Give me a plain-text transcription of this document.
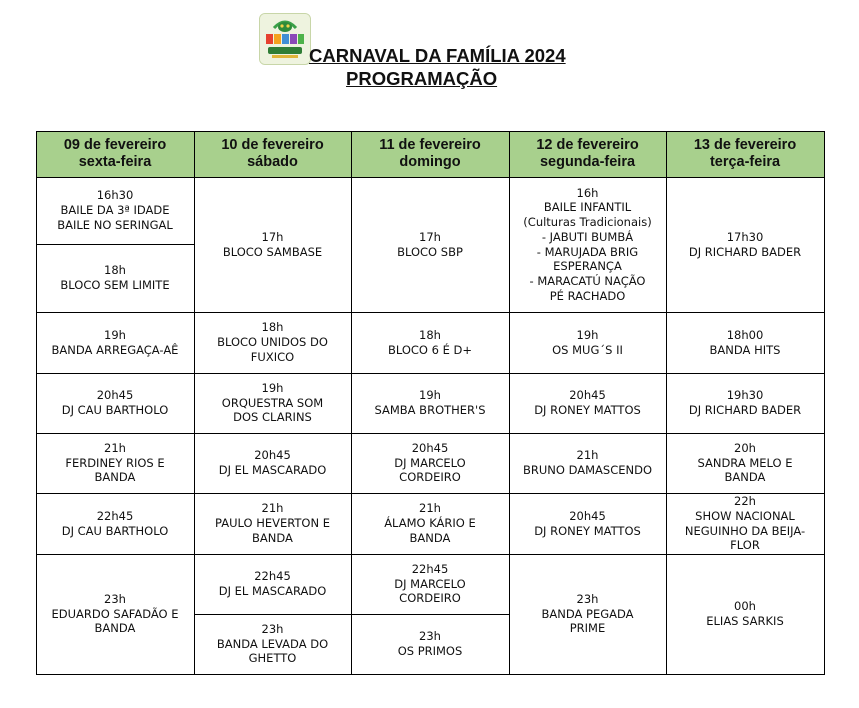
CARNAVAL DA FAMÍLIA 2024
PROGRAMAÇÃO
09 de fevereiro
sexta-feira
10 de fevereiro
sábado
11 de fevereiro
domingo
12 de fevereiro
segunda-feira
13 de fevereiro
terça-feira
16h30
BAILE DA 3ª IDADE
BAILE NO SERINGAL
18h
BLOCO SEM LIMITE
19h
BANDA ARREGAÇA-AÊ
20h45
DJ CAU BARTHOLO
21h
FERDINEY RIOS E
BANDA
22h45
DJ CAU BARTHOLO
23h
EDUARDO SAFADÃO E
BANDA
17h
BLOCO SAMBASE
18h
BLOCO UNIDOS DO
FUXICO
19h
ORQUESTRA SOM
DOS CLARINS
20h45
DJ EL MASCARADO
21h
PAULO HEVERTON E
BANDA
22h45
DJ EL MASCARADO
23h
BANDA LEVADA DO
GHETTO
17h
BLOCO SBP
18h
BLOCO 6 É D+
19h
SAMBA BROTHER'S
20h45
DJ MARCELO
CORDEIRO
21h
ÁLAMO KÁRIO E
BANDA
22h45
DJ MARCELO
CORDEIRO
23h
OS PRIMOS
16h
BAILE INFANTIL
(Culturas Tradicionais)
- JABUTI BUMBÁ
- MARUJADA BRIG
ESPERANÇA
- MARACATÚ NAÇÃO
PÉ RACHADO
19h
OS MUG´S II
20h45
DJ RONEY MATTOS
21h
BRUNO DAMASCENDO
20h45
DJ RONEY MATTOS
23h
BANDA PEGADA
PRIME
17h30
DJ RICHARD BADER
18h00
BANDA HITS
19h30
DJ RICHARD BADER
20h
SANDRA MELO E
BANDA
22h
SHOW NACIONAL
NEGUINHO DA BEIJA-
FLOR
00h
ELIAS SARKIS
